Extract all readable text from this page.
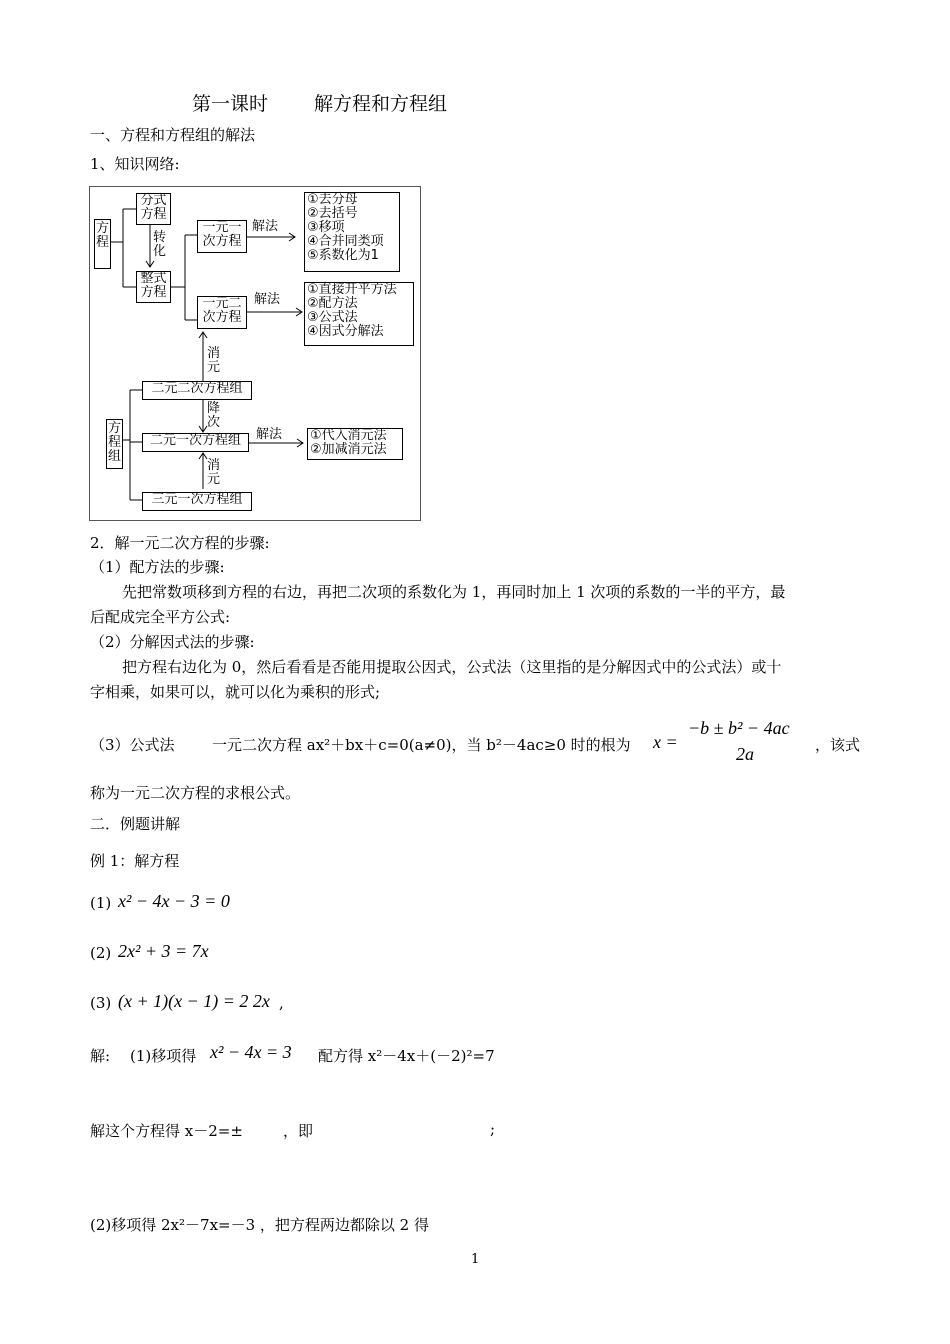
第一课时 解方程和方程组
一、方程和方程组的解法
1、知识网络:
方程
分式方程
转化
整式方程
一元一次方程
解法
①去分母
②去括号
③移项
④合并同类项
⑤系数化为1
一元二次方程
解法
①直接开平方法
②配方法
③公式法
④因式分解法
消元
二元二次方程组
降次
方程组
二元一次方程组	解法 ①代入消元法
②加减消元法
消元
三元一次方程组
2．解一元二次方程的步骤:
（1）配方法的步骤:
先把常数项移到方程的右边，再把二次项的系数化为 1，再同时加上 1 次项的系数的一半的平方，最
后配成完全平方公式:
（2）分解因式法的步骤:
把方程右边化为 0，然后看看是否能用提取公因式，公式法（这里指的是分解因式中的公式法）或十
字相乘，如果可以，就可以化为乘积的形式;
（3）公式法 一元二次方程 ax²＋bx＋c=0(a≠0)，当 b²－4ac≥0 时的根为 x =
−b ± b² − 4ac
2a	，该式
称为一元二次方程的求根公式。
二．例题讲解
例 1：解方程
(1) x² − 4x − 3 = 0
(2) 2x² + 3 = 7x
(3) (x + 1)(x − 1) = 2 2x ,
解: (1)移项得 x² − 4x = 3 配方得 x²－4x＋(－2)²=7
解这个方程得 x－2=±	，即	;
(2)移项得 2x²－7x=－3 ，把方程两边都除以 2 得
1
